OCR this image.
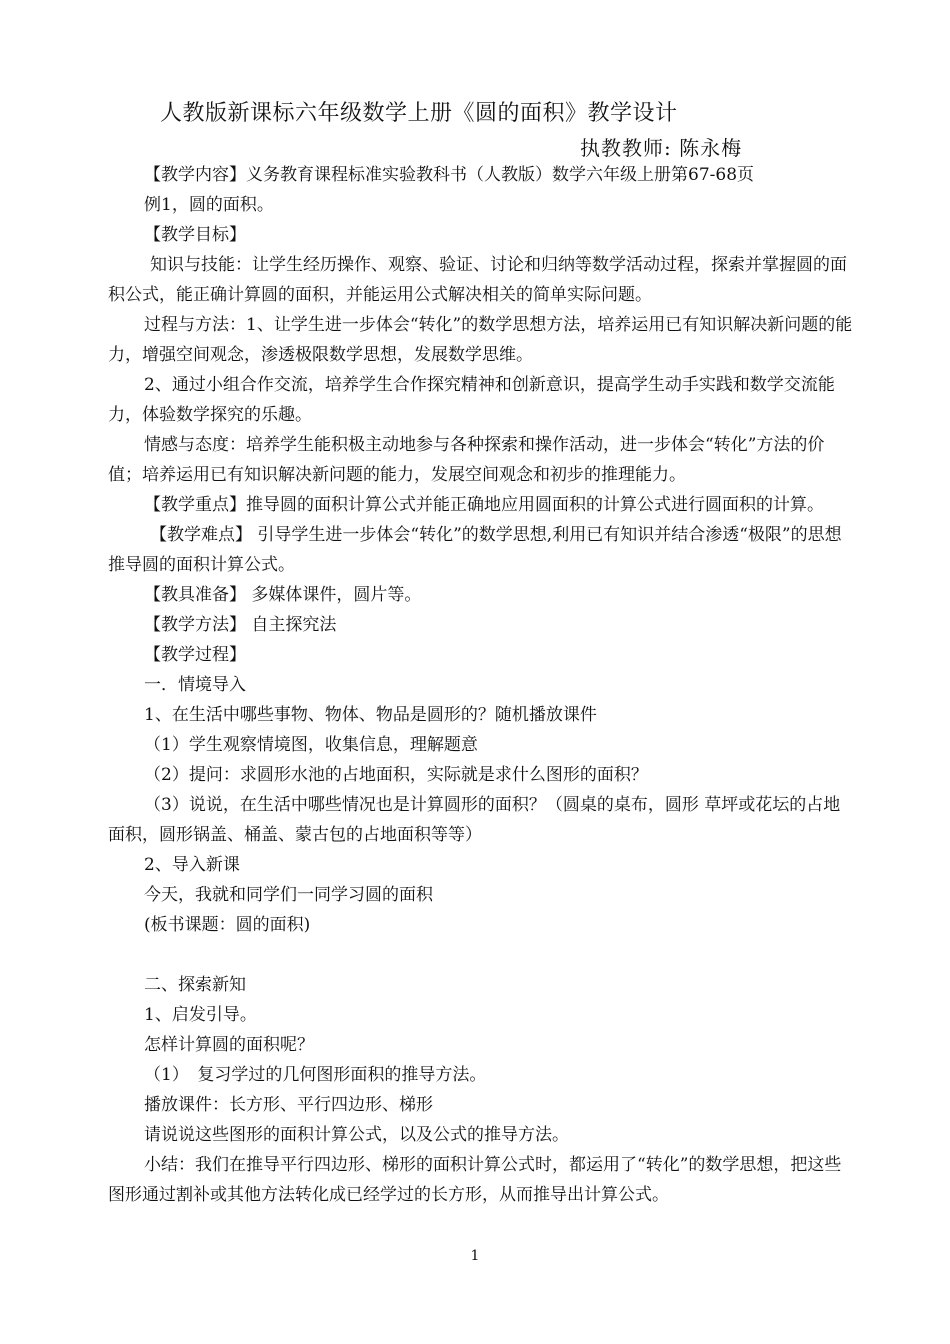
人教版新课标六年级数学上册《圆的面积》教学设计
执教教师: 陈永梅

【教学内容】义务教育课程标准实验教科书（人教版）数学六年级上册第67-68页

例1，圆的面积。

【教学目标】

知识与技能：让学生经历操作、观察、验证、讨论和归纳等数学活动过程，探索并掌握圆的面积公式，能正确计算圆的面积，并能运用公式解决相关的简单实际问题。

过程与方法：1、让学生进一步体会“转化”的数学思想方法，培养运用已有知识解决新问题的能力，增强空间观念，渗透极限数学思想，发展数学思维。

2、通过小组合作交流，培养学生合作探究精神和创新意识，提高学生动手实践和数学交流能力，体验数学探究的乐趣。

情感与态度：培养学生能积极主动地参与各种探索和操作活动，进一步体会“转化”方法的价值；培养运用已有知识解决新问题的能力，发展空间观念和初步的推理能力。

【教学重点】推导圆的面积计算公式并能正确地应用圆面积的计算公式进行圆面积的计算。

【教学难点】 引导学生进一步体会“转化”的数学思想,利用已有知识并结合渗透“极限”的思想推导圆的面积计算公式。

【教具准备】 多媒体课件，圆片等。

【教学方法】 自主探究法

【教学过程】

一．情境导入

1、在生活中哪些事物、物体、物品是圆形的？随机播放课件

（1）学生观察情境图，收集信息，理解题意

（2）提问：求圆形水池的占地面积，实际就是求什么图形的面积？

（3）说说，在生活中哪些情况也是计算圆形的面积？（圆桌的桌布，圆形 草坪或花坛的占地面积，圆形锅盖、桶盖、蒙古包的占地面积等等）

2、导入新课

今天，我就和同学们一同学习圆的面积

(板书课题：圆的面积)

二、探索新知

1、启发引导。

怎样计算圆的面积呢？

（1）　复习学过的几何图形面积的推导方法。

播放课件：长方形、平行四边形、梯形

请说说这些图形的面积计算公式，以及公式的推导方法。

小结：我们在推导平行四边形、梯形的面积计算公式时，都运用了“转化”的数学思想，把这些图形通过割补或其他方法转化成已经学过的长方形，从而推导出计算公式。

1
